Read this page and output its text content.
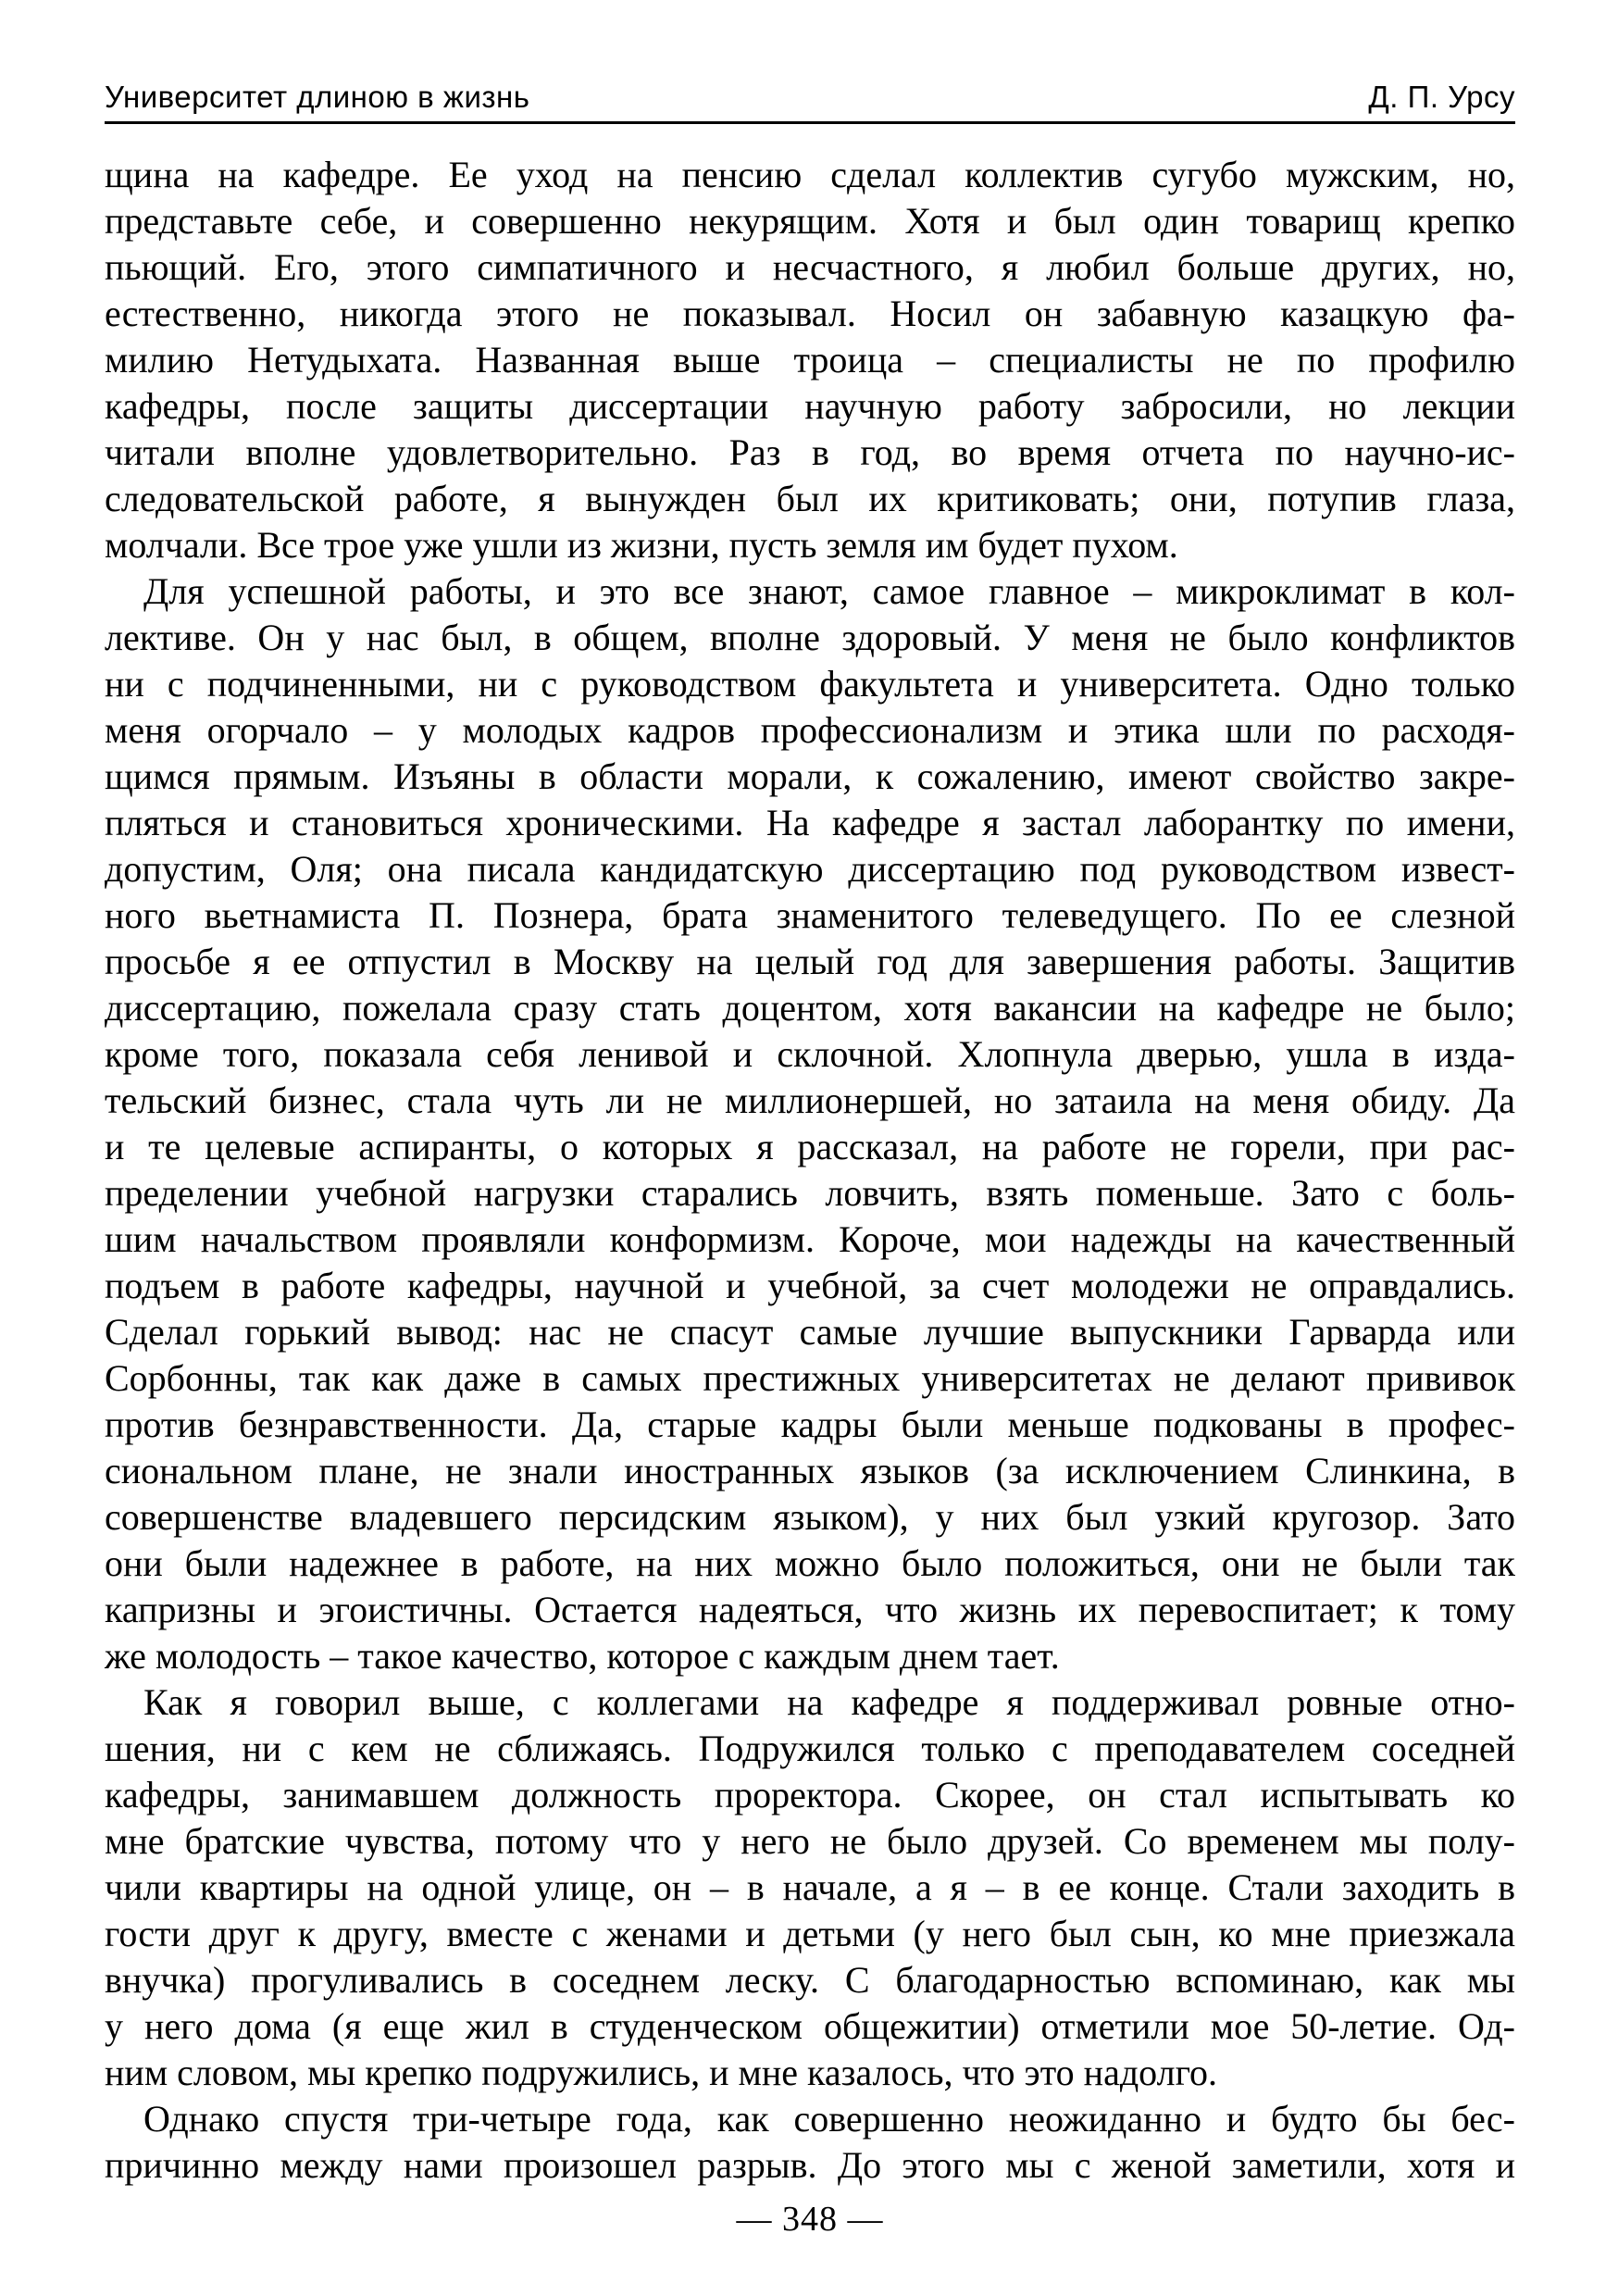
Университет длиною в жизнь	Д. П. Урсу
щина на кафедре. Ее уход на пенсию сделал коллектив сугубо мужским, но,
представьте себе, и совершенно некурящим. Хотя и был один товарищ крепко
пьющий. Его, этого симпатичного и несчастного, я любил больше других, но,
естественно, никогда этого не показывал. Носил он забавную казацкую фа-
милию Нетудыхата. Названная выше троица – специалисты не по профилю
кафедры, после защиты диссертации научную работу забросили, но лекции
читали вполне удовлетворительно. Раз в год, во время отчета по научно-ис-
следовательской работе, я вынужден был их критиковать; они, потупив глаза,
молчали. Все трое уже ушли из жизни, пусть земля им будет пухом.
Для успешной работы, и это все знают, самое главное – микроклимат в кол-
лективе. Он у нас был, в общем, вполне здоровый. У меня не было конфликтов
ни с подчиненными, ни с руководством факультета и университета. Одно только
меня огорчало – у молодых кадров профессионализм и этика шли по расходя-
щимся прямым. Изъяны в области морали, к сожалению, имеют свойство закре-
пляться и становиться хроническими. На кафедре я застал лаборантку по имени,
допустим, Оля; она писала кандидатскую диссертацию под руководством извест-
ного вьетнамиста П. Познера, брата знаменитого телеведущего. По ее слезной
просьбе я ее отпустил в Москву на целый год для завершения работы. Защитив
диссертацию, пожелала сразу стать доцентом, хотя вакансии на кафедре не было;
кроме того, показала себя ленивой и склочной. Хлопнула дверью, ушла в изда-
тельский бизнес, стала чуть ли не миллионершей, но затаила на меня обиду. Да
и те целевые аспиранты, о которых я рассказал, на работе не горели, при рас-
пределении учебной нагрузки старались ловчить, взять поменьше. Зато с боль-
шим начальством проявляли конформизм. Короче, мои надежды на качественный
подъем в работе кафедры, научной и учебной, за счет молодежи не оправдались.
Сделал горький вывод: нас не спасут самые лучшие выпускники Гарварда или
Сорбонны, так как даже в самых престижных университетах не делают прививок
против безнравственности. Да, старые кадры были меньше подкованы в профес-
сиональном плане, не знали иностранных языков (за исключением Слинкина, в
совершенстве владевшего персидским языком), у них был узкий кругозор. Зато
они были надежнее в работе, на них можно было положиться, они не были так
капризны и эгоистичны. Остается надеяться, что жизнь их перевоспитает; к тому
же молодость – такое качество, которое с каждым днем тает.
Как я говорил выше, с коллегами на кафедре я поддерживал ровные отно-
шения, ни с кем не сближаясь. Подружился только с преподавателем соседней
кафедры, занимавшем должность проректора. Скорее, он стал испытывать ко
мне братские чувства, потому что у него не было друзей. Со временем мы полу-
чили квартиры на одной улице, он – в начале, а я – в ее конце. Стали заходить в
гости друг к другу, вместе с женами и детьми (у него был сын, ко мне приезжала
внучка) прогуливались в соседнем леску. С благодарностью вспоминаю, как мы
у него дома (я еще жил в студенческом общежитии) отметили мое 50-летие. Од-
ним словом, мы крепко подружились, и мне казалось, что это надолго.
Однако спустя три-четыре года, как совершенно неожиданно и будто бы бес-
причинно между нами произошел разрыв. До этого мы с женой заметили, хотя и
— 348 —
